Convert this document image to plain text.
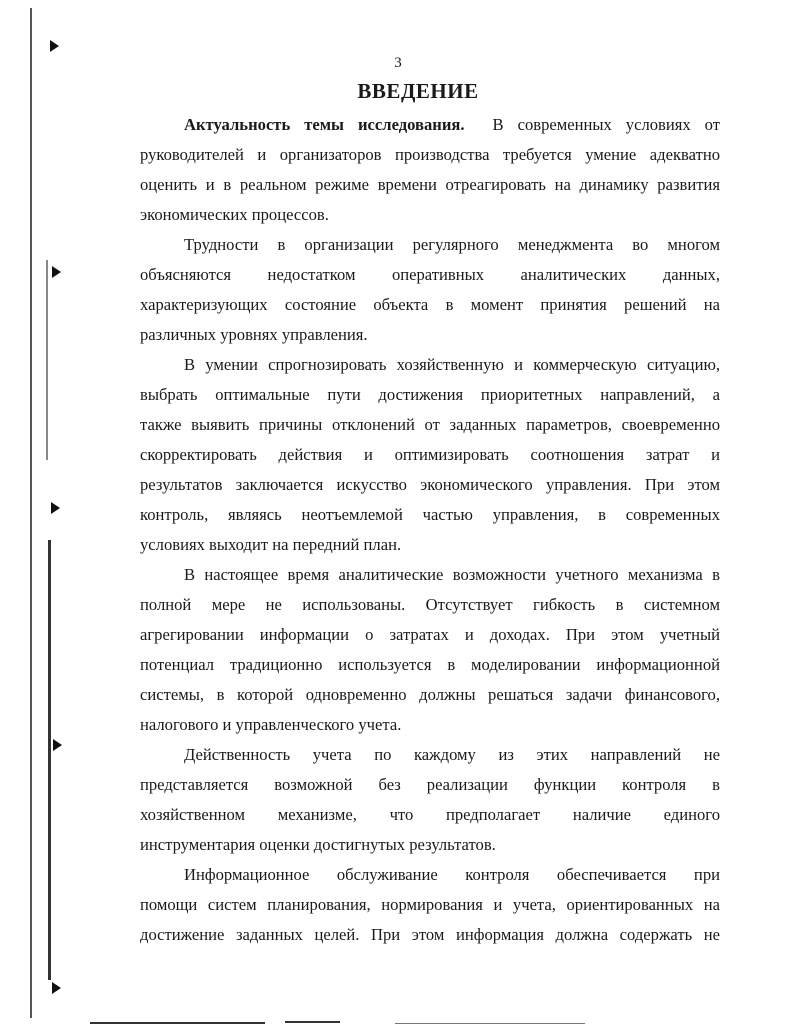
3
ВВЕДЕНИЕ
Актуальность темы исследования. В современных условиях от
руководителей и организаторов производства требуется умение адекватно
оценить и в реальном режиме времени отреагировать на динамику развития
экономических процессов.
Трудности в организации регулярного менеджмента во многом
объясняются недостатком оперативных аналитических данных,
характеризующих состояние объекта в момент принятия решений на
различных уровнях управления.
В умении спрогнозировать хозяйственную и коммерческую ситуацию,
выбрать оптимальные пути достижения приоритетных направлений, а
также выявить причины отклонений от заданных параметров, своевременно
скорректировать действия и оптимизировать соотношения затрат и
результатов заключается искусство экономического управления. При этом
контроль, являясь неотъемлемой частью управления, в современных
условиях выходит на передний план.
В настоящее время аналитические возможности учетного механизма в
полной мере не использованы. Отсутствует гибкость в системном
агрегировании информации о затратах и доходах. При этом учетный
потенциал традиционно используется в моделировании информационной
системы, в которой одновременно должны решаться задачи финансового,
налогового и управленческого учета.
Действенность учета по каждому из этих направлений не
представляется возможной без реализации функции контроля в
хозяйственном механизме, что предполагает наличие единого
инструментария оценки достигнутых результатов.
Информационное обслуживание контроля обеспечивается при
помощи систем планирования, нормирования и учета, ориентированных на
достижение заданных целей. При этом информация должна содержать не
